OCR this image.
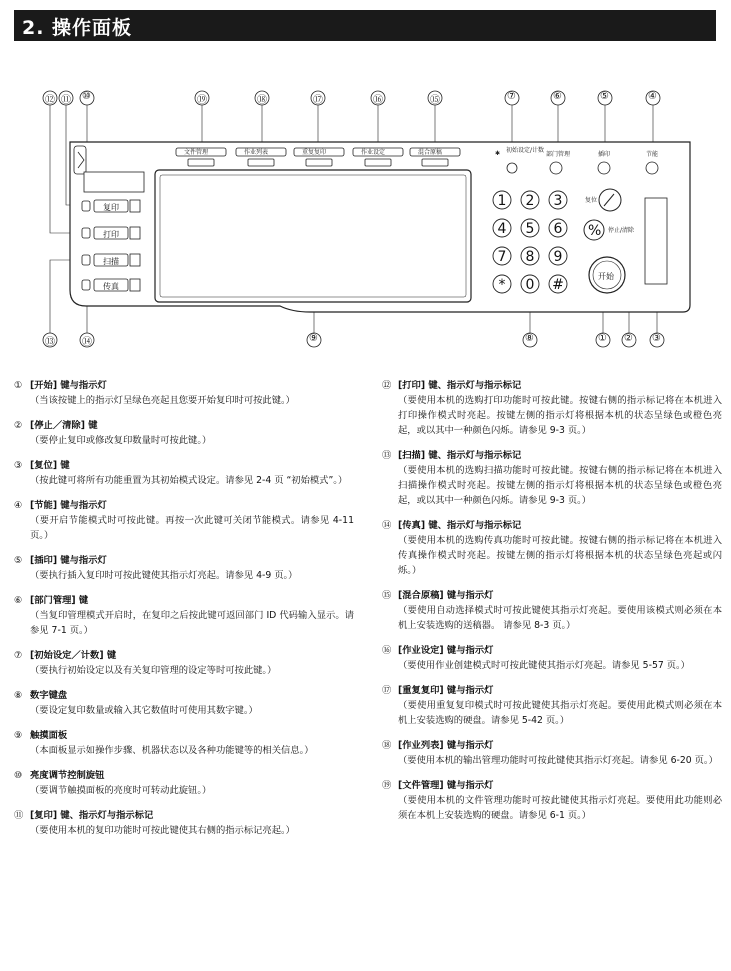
2. 操作面板
复印
打印
扫描
传真
文件管理	作业列表	重复复印	作业设定	混合原稿	✱ 初始设定/计数
部门管理	插印	节能
1 2 3
4 5 6
7 8 9
* 0 #
复位
% 停止/清除
开始
⑫ ⑪ ⑩	⑲	⑱	⑰	⑯	⑮	⑦	⑥	⑤	④
⑬	⑭	⑨	⑧	① ② ③
① [开始] 键与指示灯
（当该按键上的指示灯呈绿色亮起且您要开始复印时可按此键。）
② [停止／清除] 键
（要停止复印或修改复印数量时可按此键。）
③ [复位] 键
（按此键可将所有功能重置为其初始模式设定。请参见 2-4 页 “初始模式”。）
④ [节能] 键与指示灯
（要开启节能模式时可按此键。再按一次此键可关闭节能模式。请参见 4-11 页。）
⑤ [插印] 键与指示灯
（要执行插入复印时可按此键使其指示灯亮起。请参见 4-9 页。）
⑥ [部门管理] 键
（当复印管理模式开启时，在复印之后按此键可返回部门 ID 代码输入显示。请参见 7-1 页。）
⑦ [初始设定／计数] 键
（要执行初始设定以及有关复印管理的设定等时可按此键。）
⑧ 数字键盘
（要设定复印数量或输入其它数值时可使用其数字键。）
⑨ 触摸面板
（本面板显示如操作步骤、机器状态以及各种功能键等的相关信息。）
⑩ 亮度调节控制旋钮
（要调节触摸面板的亮度时可转动此旋钮。）
⑪ [复印] 键、指示灯与指示标记
（要使用本机的复印功能时可按此键使其右侧的指示标记亮起。）
⑫ [打印] 键、指示灯与指示标记
（要使用本机的选购打印功能时可按此键。按键右侧的指示标记将在本机进入打印操作模式时亮起。按键左侧的指示灯将根据本机的状态呈绿色或橙色亮起，或以其中一种颜色闪烁。请参见 9-3 页。）
⑬ [扫描] 键、指示灯与指示标记
（要使用本机的选购扫描功能时可按此键。按键右侧的指示标记将在本机进入扫描操作模式时亮起。按键左侧的指示灯将根据本机的状态呈绿色或橙色亮起，或以其中一种颜色闪烁。请参见 9-3 页。）
⑭ [传真] 键、指示灯与指示标记
（要使用本机的选购传真功能时可按此键。按键右侧的指示标记将在本机进入传真操作模式时亮起。按键左侧的指示灯将根据本机的状态呈绿色亮起或闪烁。）
⑮ [混合原稿] 键与指示灯
（要使用自动选择模式时可按此键使其指示灯亮起。要使用该模式则必须在本机上安装选购的送稿器。 请参见 8-3 页。）
⑯ [作业设定] 键与指示灯
（要使用作业创建模式时可按此键使其指示灯亮起。请参见 5-57 页。）
⑰ [重复复印] 键与指示灯
（要使用重复复印模式时可按此键使其指示灯亮起。要使用此模式则必须在本机上安装选购的硬盘。请参见 5-42 页。）
⑱ [作业列表] 键与指示灯
（要使用本机的输出管理功能时可按此键使其指示灯亮起。请参见 6-20 页。）
⑲ [文件管理] 键与指示灯
（要使用本机的文件管理功能时可按此键使其指示灯亮起。要使用此功能则必须在本机上安装选购的硬盘。请参见 6-1 页。）
